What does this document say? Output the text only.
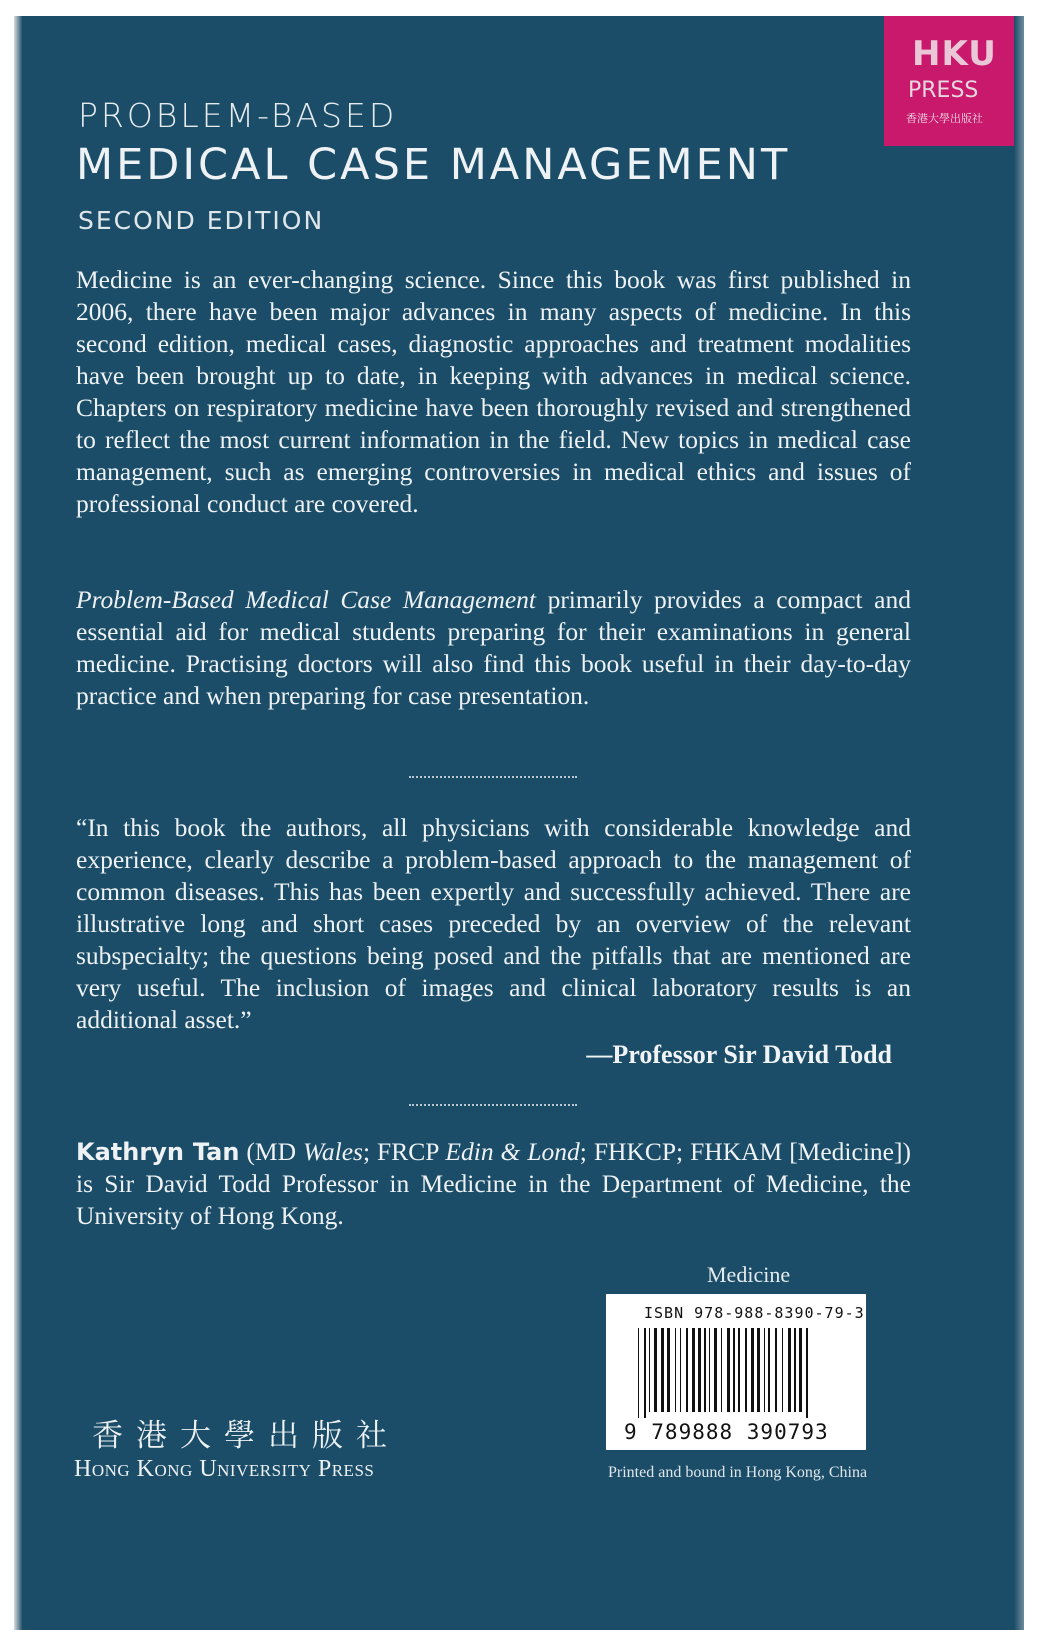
HKU
PRESS
香港大學出版社
PROBLEM-BASED
MEDICAL CASE MANAGEMENT
SECOND EDITION
Medicine is an ever-changing science. Since this book was first published in 2006, there have been major advances in many aspects of medicine. In this second edition, medical cases, diagnostic approaches and treatment modalities have been brought up to date, in keeping with advances in medical science. Chapters on respiratory medicine have been thoroughly revised and strengthened to reflect the most current information in the field. New topics in medical case management, such as emerging controversies in medical ethics and issues of professional conduct are covered.
Problem-Based Medical Case Management primarily provides a compact and essential aid for medical students preparing for their examinations in general medicine. Practising doctors will also find this book useful in their day-to-day practice and when preparing for case presentation.
“In this book the authors, all physicians with considerable knowledge and experience, clearly describe a problem-based approach to the management of common diseases. This has been expertly and successfully achieved. There are illustrative long and short cases preceded by an overview of the relevant subspecialty; the questions being posed and the pitfalls that are mentioned are very useful. The inclusion of images and clinical laboratory results is an additional asset.”
—Professor Sir David Todd
Kathryn Tan (MD Wales; FRCP Edin & Lond; FHKCP; FHKAM [Medicine]) is Sir David Todd Professor in Medicine in the Department of Medicine, the University of Hong Kong.
Medicine
ISBN 978-988-8390-79-3
9 789888 390793
香港大學出版社
Hong Kong University Press	Printed and bound in Hong Kong, China
